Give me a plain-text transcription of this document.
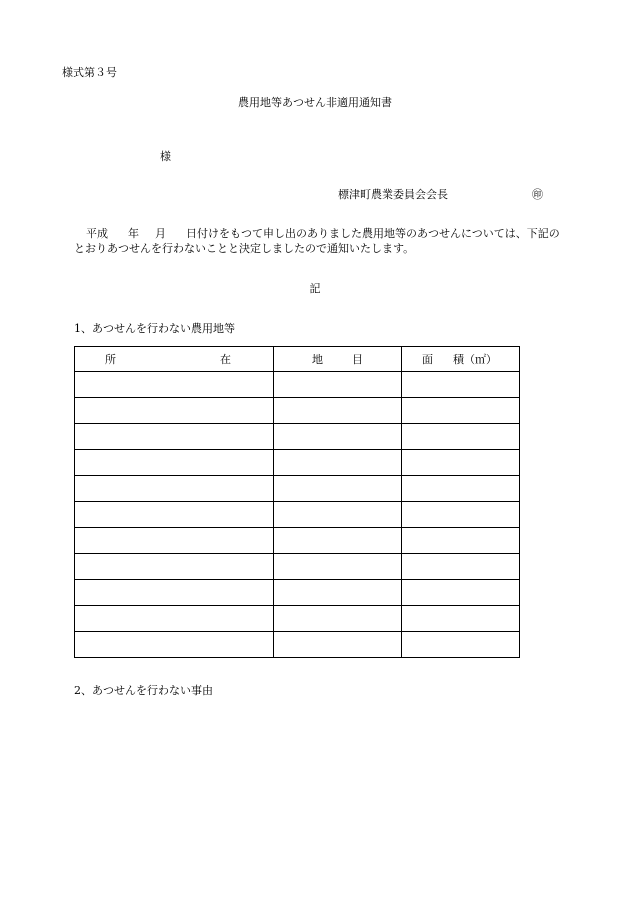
様式第３号
農用地等あつせん非適用通知書
様
標津町農業委員会会長	㊞
平成 年 月 日付けをもつて申し出のありました農用地等のあつせんについては、下記の
とおりあつせんを行わないことと決定しましたので通知いたします。
記
1、あつせんを行わない農用地等
所 在	地 目	面 積（㎡）

2、あつせんを行わない事由
